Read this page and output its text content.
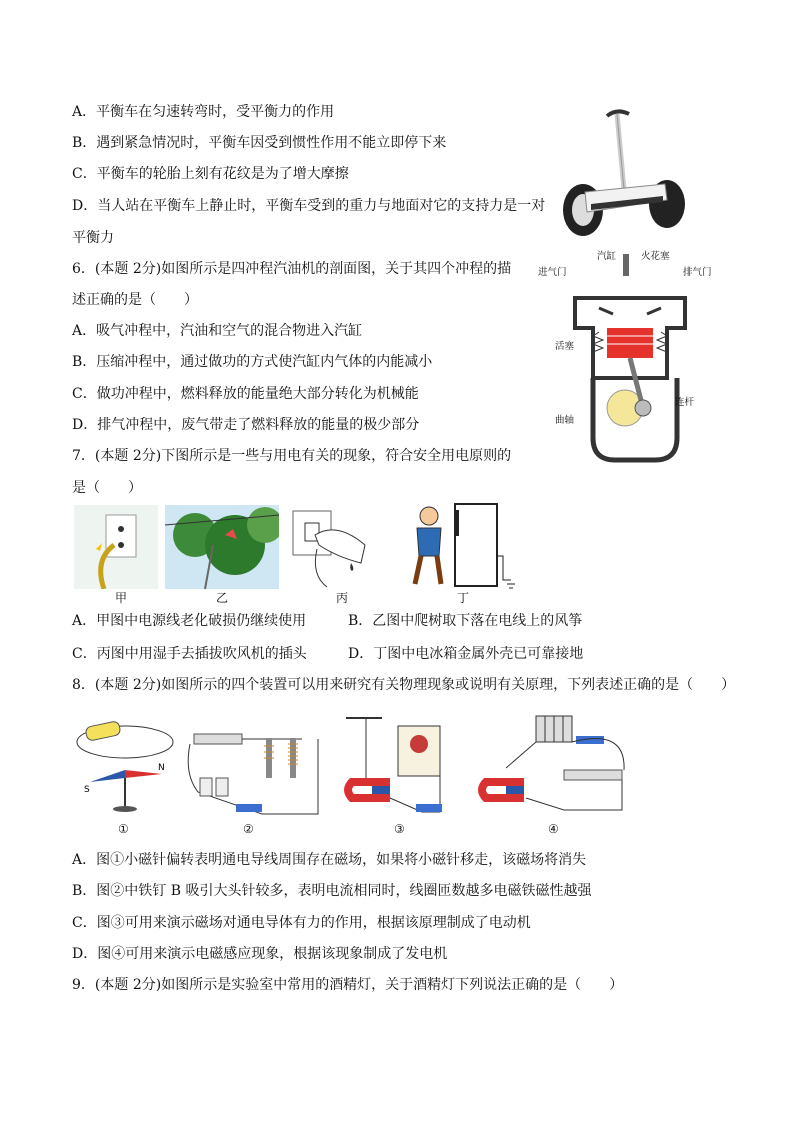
A．平衡车在匀速转弯时，受平衡力的作用
B．遇到紧急情况时，平衡车因受到惯性作用不能立即停下来
C．平衡车的轮胎上刻有花纹是为了增大摩擦
D．当人站在平衡车上静止时，平衡车受到的重力与地面对它的支持力是一对
平衡力
6．(本题 2分)如图所示是四冲程汽油机的剖面图，关于其四个冲程的描
述正确的是（　　）
A．吸气冲程中，汽油和空气的混合物进入汽缸
B．压缩冲程中，通过做功的方式使汽缸内气体的内能减小
C．做功冲程中，燃料释放的能量绝大部分转化为机械能
D．排气冲程中，废气带走了燃料释放的能量的极少部分
汽缸	火花塞
进气门	排气门
活塞
连杆
曲轴
7．(本题 2分)下图所示是一些与用电有关的现象，符合安全用电原则的
是（　　）
甲	乙	丙	丁
A．甲图中电源线老化破损仍继续使用	B．乙图中爬树取下落在电线上的风筝
C．丙图中用湿手去插拔吹风机的插头	D．丁图中电冰箱金属外壳已可靠接地
8．(本题 2分)如图所示的四个装置可以用来研究有关物理现象或说明有关原理，下列表述正确的是（　　）
S
N
①	②	③	④
A．图①小磁针偏转表明通电导线周围存在磁场，如果将小磁针移走，该磁场将消失
B．图②中铁钉 B 吸引大头针较多，表明电流相同时，线圈匝数越多电磁铁磁性越强
C．图③可用来演示磁场对通电导体有力的作用，根据该原理制成了电动机
D．图④可用来演示电磁感应现象，根据该现象制成了发电机
9．(本题 2分)如图所示是实验室中常用的酒精灯，关于酒精灯下列说法正确的是（　　）
